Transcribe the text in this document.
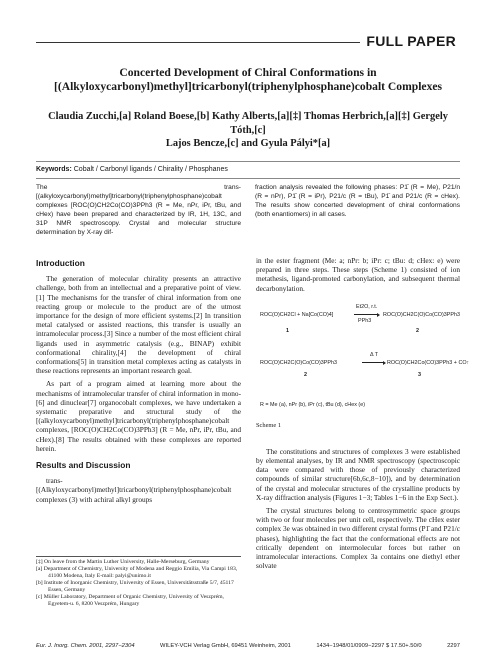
FULL PAPER
Concerted Development of Chiral Conformations in
[(Alkyloxycarbonyl)methyl]tricarbonyl(triphenylphosphane)cobalt Complexes
Claudia Zucchi,[a] Roland Boese,[b] Kathy Alberts,[a][‡] Thomas Herbrich,[a][‡] Gergely Tóth,[c]
Lajos Bencze,[c] and Gyula Pályi*[a]
Keywords: Cobalt / Carbonyl ligands / Chirality / Phosphanes
The trans-[(alkyloxycarbonyl)methyl]tricarbonyl(triphenylphosphane)cobalt complexes [ROC(O)CH2Co(CO)3PPh3 (R = Me, nPr, iPr, tBu, and cHex) have been prepared and characterized by IR, 1H, 13C, and 31P NMR spectroscopy. Crystal and molecular structure determination by X-ray dif-
fraction analysis revealed the following phases: P1̄ (R = Me), P21/n (R = nPr), P1̄ (R = iPr), P21/c (R = tBu), P1̄ and P21/c (R = cHex). The results show concerted development of chiral conformations (both enantiomers) in all cases.
Introduction

The generation of molecular chirality presents an attractive challenge, both from an intellectual and a preparative point of view.[1] The mechanisms for the transfer of chiral information from one reacting group or molecule to the product are of the utmost importance for the design of more efficient systems.[2] In transition metal catalysed or assisted reactions, this transfer is usually an intramolecular process.[3] Since a number of the most efficient chiral ligands used in asymmetric catalysis (e.g., BINAP) exhibit conformational chirality,[4] the development of chiral conformations[5] in transition metal complexes acting as catalysts in these reactions represents an important research goal.

As part of a program aimed at learning more about the mechanisms of intramolecular transfer of chiral information in mono-[6] and dinuclear[7] organocobalt complexes, we have undertaken a systematic preparative and structural study of the [(alkyloxycarbonyl)methyl]tricarbonyl(triphenylphosphane)cobalt complexes, [ROC(O)CH2Co(CO)3PPh3] (R = Me, nPr, iPr, tBu, and cHex).[8] The results obtained with these complexes are reported herein.

Results and Discussion

trans-[(Alkyloxycarbonyl)methyl]tricarbonyl(triphenylphosphane)cobalt complexes (3) with achiral alkyl groups

in the ester fragment (Me: a; nPr: b; iPr: c; tBu: d; cHex: e) were prepared in three steps. These steps (Scheme 1) consisted of ion metathesis, ligand-promoted carbonylation, and subsequent thermal decarbonylation.

ROC(O)CH2Cl + Na[Co(CO)4]
Et2O, r.t.
PPh3
ROC(O)CH2C(O)Co(CO)3PPh3
1	2
ROC(O)CH2C(O)Co(CO)3PPh3
Δ T
ROC(O)CH2Co(CO)3PPh3 + CO↑
2	3
R = Me (a), nPr (b), iPr (c), tBu (d), cHex (e)
Scheme 1

The constitutions and structures of complexes 3 were established by elemental analyses, by IR and NMR spectroscopy (spectroscopic data were compared with those of previously characterized compounds of similar structure[6b,6c,8−10]), and by determination of the crystal and molecular structures of the crystalline products by X-ray diffraction analysis (Figures 1−3; Tables 1−6 in the Exp Sect.).

The crystal structures belong to centrosymmetric space groups with two or four molecules per unit cell, respectively. The cHex ester complex 3e was obtained in two different crystal forms (P1̄ and P21/c phases), highlighting the fact that the conformational effects are not critically dependent on intermolecular forces but rather on intramolecular interactions. Complex 3a contains one diethyl ether solvate

[‡] On leave from the Martin Luther University, Halle-Merseburg, Germany
[a] Department of Chemistry, University of Modena and Reggio Emilia, Via Campi 183, 41100 Modena, Italy E-mail: palyi@unimo.it
[b] Institute of Inorganic Chemistry, University of Essen, Universitätsstraße 5/7, 45117 Essen, Germany
[c] Müller Laboratory, Department of Organic Chemistry, University of Veszprém, Egyetem-u. 6, 8200 Veszprém, Hungary
Eur. J. Inorg. Chem. 2001, 2297−2304	WILEY-VCH Verlag GmbH, 69451 Weinheim, 2001	1434−1948/01/0909−2297 $ 17.50+.50/0	2297
